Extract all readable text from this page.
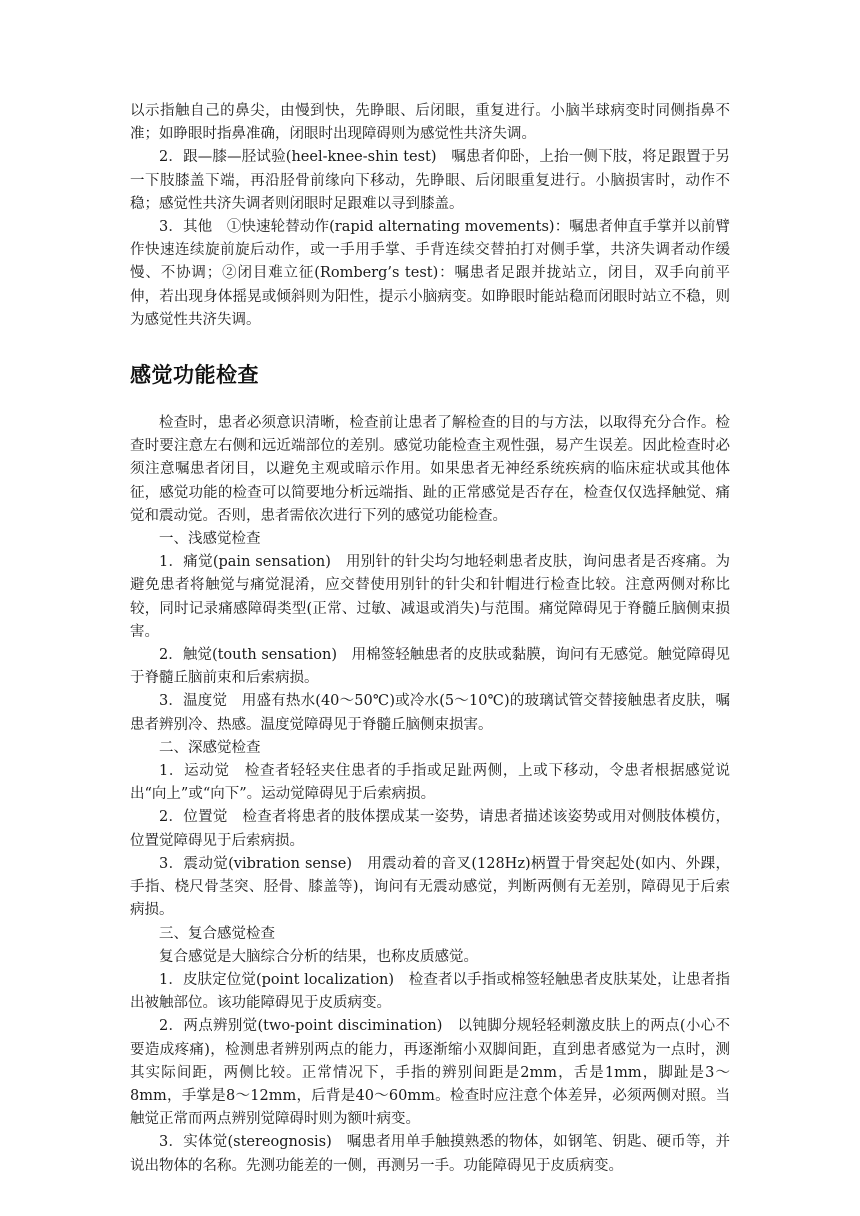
以示指触自己的鼻尖，由慢到快，先睁眼、后闭眼，重复进行。小脑半球病变时同侧指鼻不准；如睁眼时指鼻准确，闭眼时出现障碍则为感觉性共济失调。

2．跟—膝—胫试验(heel-knee-shin test)　嘱患者仰卧，上抬一侧下肢，将足跟置于另一下肢膝盖下端，再沿胫骨前缘向下移动，先睁眼、后闭眼重复进行。小脑损害时，动作不稳；感觉性共济失调者则闭眼时足跟难以寻到膝盖。

3．其他　①快速轮替动作(rapid alternating movements)：嘱患者伸直手掌并以前臂作快速连续旋前旋后动作，或一手用手掌、手背连续交替拍打对侧手掌，共济失调者动作缓慢、不协调；②闭目难立征(Romberg’s test)：嘱患者足跟并拢站立，闭目，双手向前平伸，若出现身体摇晃或倾斜则为阳性，提示小脑病变。如睁眼时能站稳而闭眼时站立不稳，则为感觉性共济失调。

感觉功能检查

检查时，患者必须意识清晰，检查前让患者了解检查的目的与方法，以取得充分合作。检查时要注意左右侧和远近端部位的差别。感觉功能检查主观性强，易产生误差。因此检查时必须注意嘱患者闭目，以避免主观或暗示作用。如果患者无神经系统疾病的临床症状或其他体征，感觉功能的检查可以简要地分析远端指、趾的正常感觉是否存在，检查仅仅选择触觉、痛觉和震动觉。否则，患者需依次进行下列的感觉功能检查。

一、浅感觉检查

1．痛觉(pain sensation)　用别针的针尖均匀地轻刺患者皮肤，询问患者是否疼痛。为避免患者将触觉与痛觉混淆，应交替使用别针的针尖和针帽进行检查比较。注意两侧对称比较，同时记录痛感障碍类型(正常、过敏、减退或消失)与范围。痛觉障碍见于脊髓丘脑侧束损害。

2．触觉(touth sensation)　用棉签轻触患者的皮肤或黏膜，询问有无感觉。触觉障碍见于脊髓丘脑前束和后索病损。

3．温度觉　用盛有热水(40～50℃)或冷水(5～10℃)的玻璃试管交替接触患者皮肤，嘱患者辨别冷、热感。温度觉障碍见于脊髓丘脑侧束损害。

二、深感觉检查

1．运动觉　检查者轻轻夹住患者的手指或足趾两侧，上或下移动，令患者根据感觉说出“向上”或“向下”。运动觉障碍见于后索病损。

2．位置觉　检查者将患者的肢体摆成某一姿势，请患者描述该姿势或用对侧肢体模仿，位置觉障碍见于后索病损。

3．震动觉(vibration sense)　用震动着的音叉(128Hz)柄置于骨突起处(如内、外踝，手指、桡尺骨茎突、胫骨、膝盖等)，询问有无震动感觉，判断两侧有无差别，障碍见于后索病损。

三、复合感觉检查

复合感觉是大脑综合分析的结果，也称皮质感觉。

1．皮肤定位觉(point localization)　检查者以手指或棉签轻触患者皮肤某处，让患者指出被触部位。该功能障碍见于皮质病变。

2．两点辨别觉(two-point discimination)　以钝脚分规轻轻刺激皮肤上的两点(小心不要造成疼痛)，检测患者辨别两点的能力，再逐渐缩小双脚间距，直到患者感觉为一点时，测其实际间距，两侧比较。正常情况下，手指的辨别间距是2mm，舌是1mm，脚趾是3～8mm，手掌是8～12mm，后背是40～60mm。检查时应注意个体差异，必须两侧对照。当触觉正常而两点辨别觉障碍时则为额叶病变。

3．实体觉(stereognosis)　嘱患者用单手触摸熟悉的物体，如钢笔、钥匙、硬币等，并说出物体的名称。先测功能差的一侧，再测另一手。功能障碍见于皮质病变。
